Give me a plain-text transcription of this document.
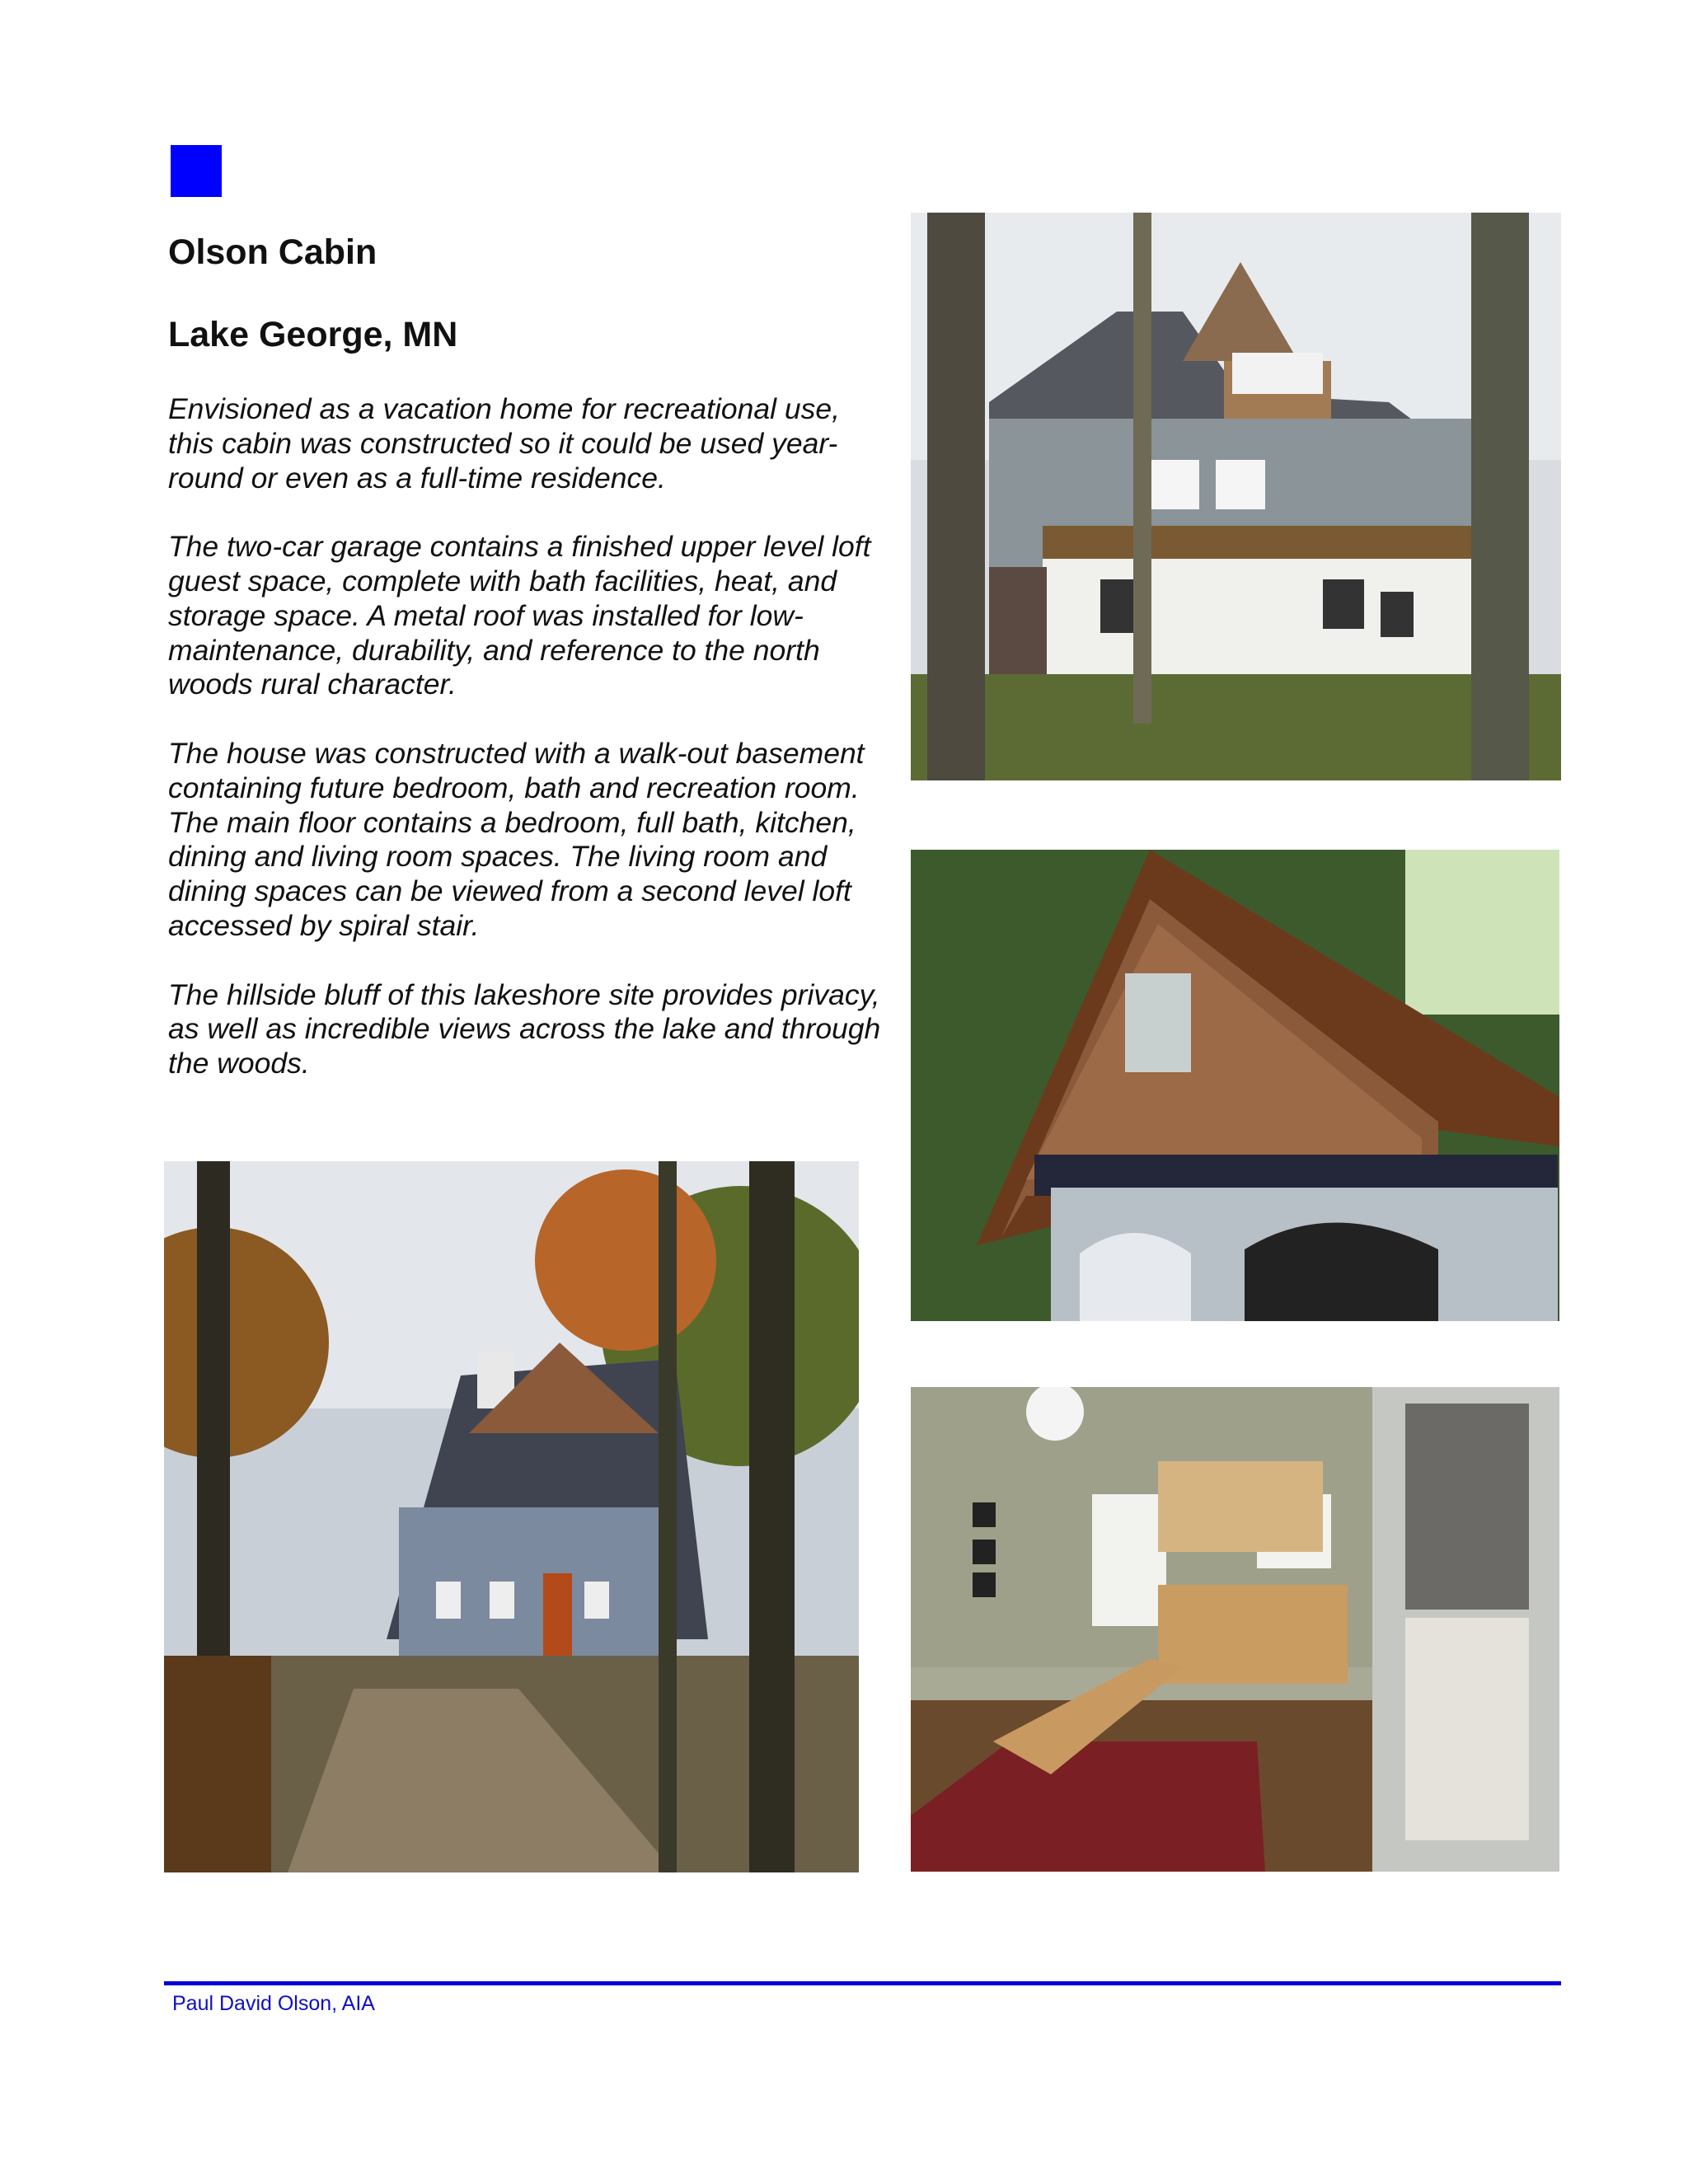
Olson Cabin
Lake George, MN

Envisioned as a vacation home for recreational use, this cabin was constructed so it could be used year-round or even as a full-time residence.

The two-car garage contains a finished upper level loft guest space, complete with bath facilities, heat, and storage space. A metal roof was installed for low-maintenance, durability, and reference to the north woods rural character.

The house was constructed with a walk-out basement containing future bedroom, bath and recreation room. The main floor contains a bedroom, full bath, kitchen, dining and living room spaces. The living room and dining spaces can be viewed from a second level loft accessed by spiral stair.

The hillside bluff of this lakeshore site provides privacy, as well as incredible views across the lake and through the woods.

Paul David Olson, AIA
